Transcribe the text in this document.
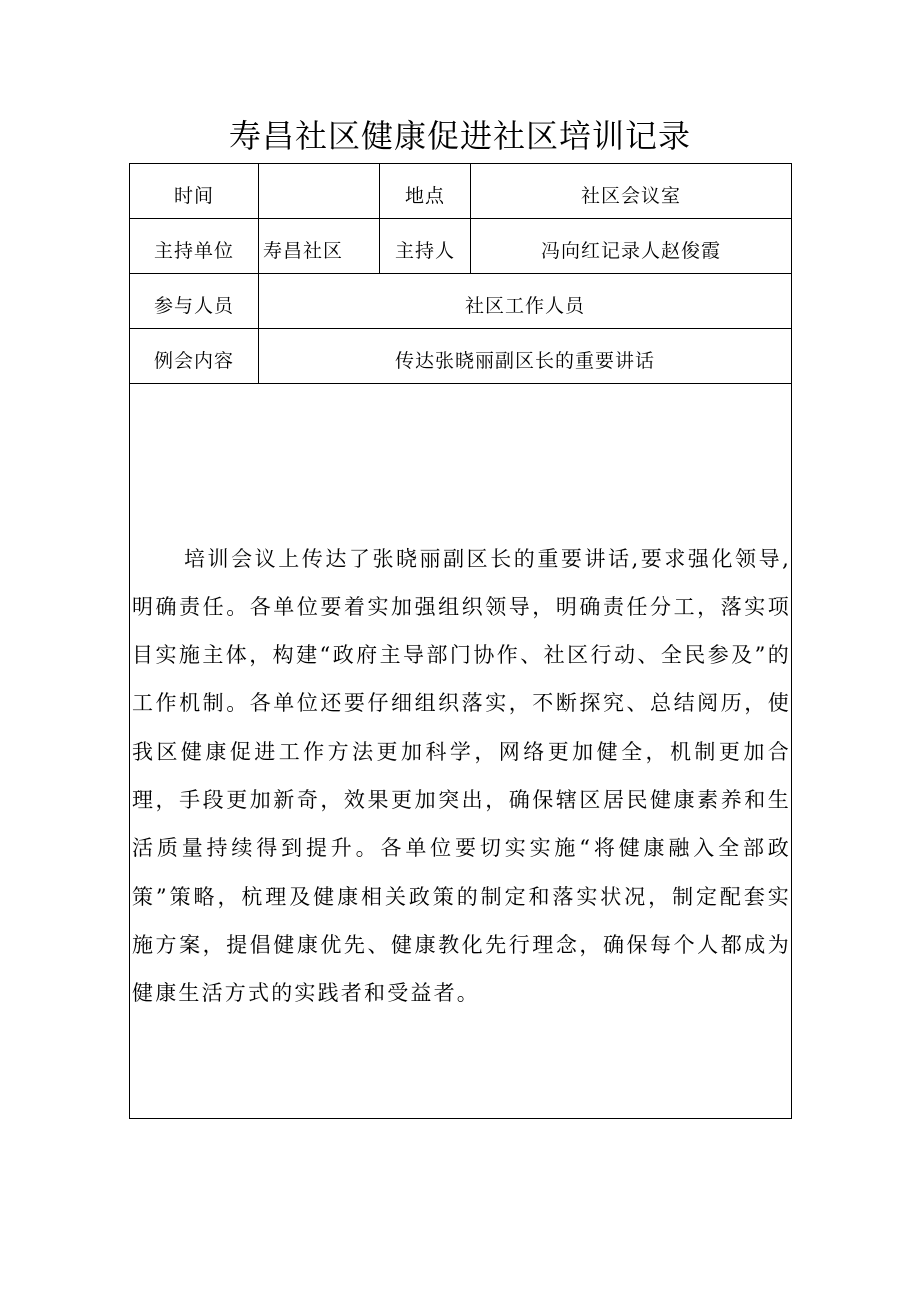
寿昌社区健康促进社区培训记录
时间		地点	社区会议室
主持单位	寿昌社区	主持人	冯向红记录人赵俊霞
参与人员	社区工作人员		
例会内容	传达张晓丽副区长的重要讲话		

培训会议上传达了张晓丽副区长的重要讲话,要求强化领导,明确责任。各单位要着实加强组织领导，明确责任分工，落实项目实施主体，构建“政府主导部门协作、社区行动、全民参及”的工作机制。各单位还要仔细组织落实，不断探究、总结阅历，使我区健康促进工作方法更加科学，网络更加健全，机制更加合理，手段更加新奇，效果更加突出，确保辖区居民健康素养和生活质量持续得到提升。各单位要切实实施“将健康融入全部政策”策略，杭理及健康相关政策的制定和落实状况，制定配套实施方案，提倡健康优先、健康教化先行理念，确保每个人都成为健康生活方式的实践者和受益者。			
